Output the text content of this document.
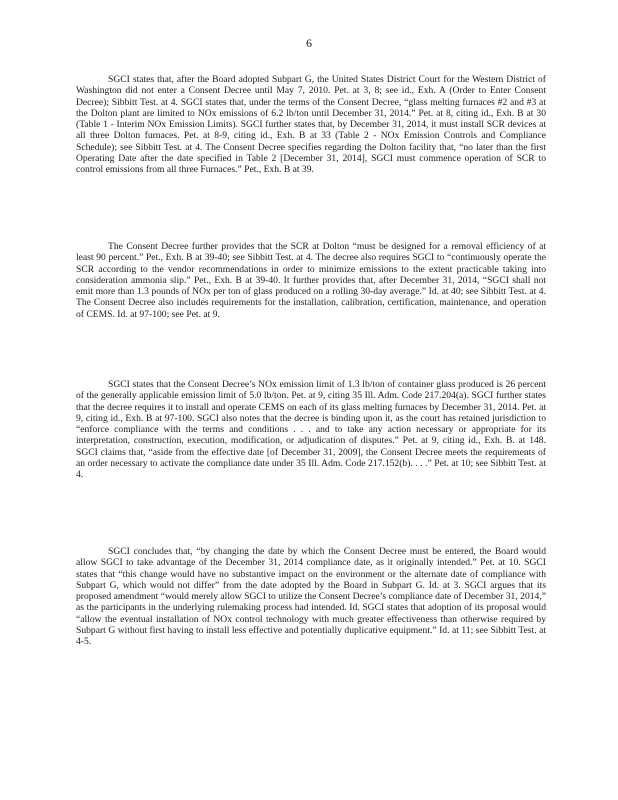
6

SGCI states that, after the Board adopted Subpart G, the United States District Court for the Western District of Washington did not enter a Consent Decree until May 7, 2010. Pet. at 3, 8; see id., Exh. A (Order to Enter Consent Decree); Sibbitt Test. at 4. SGCI states that, under the terms of the Consent Decree, “glass melting furnaces #2 and #3 at the Dolton plant are limited to NOx emissions of 6.2 lb/ton until December 31, 2014.” Pet. at 8, citing id., Exh. B at 30 (Table 1 - Interim NOx Emission Limits). SGCI further states that, by December 31, 2014, it must install SCR devices at all three Dolton furnaces. Pet. at 8-9, citing id., Exh. B at 33 (Table 2 - NOx Emission Controls and Compliance Schedule); see Sibbitt Test. at 4. The Consent Decree specifies regarding the Dolton facility that, “no later than the first Operating Date after the date specified in Table 2 [December 31, 2014], SGCI must commence operation of SCR to control emissions from all three Furnaces.” Pet., Exh. B at 39.

The Consent Decree further provides that the SCR at Dolton “must be designed for a removal efficiency of at least 90 percent.” Pet., Exh. B at 39-40; see Sibbitt Test. at 4. The decree also requires SGCI to “continuously operate the SCR according to the vendor recommendations in order to minimize emissions to the extent practicable taking into consideration ammonia slip.” Pet., Exh. B at 39-40. It further provides that, after December 31, 2014, “SGCI shall not emit more than 1.3 pounds of NOx per ton of glass produced on a rolling 30-day average.” Id. at 40; see Sibbitt Test. at 4. The Consent Decree also includes requirements for the installation, calibration, certification, maintenance, and operation of CEMS. Id. at 97-100; see Pet. at 9.

SGCI states that the Consent Decree’s NOx emission limit of 1.3 lb/ton of container glass produced is 26 percent of the generally applicable emission limit of 5.0 lb/ton. Pet. at 9, citing 35 Ill. Adm. Code 217.204(a). SGCI further states that the decree requires it to install and operate CEMS on each of its glass melting furnaces by December 31, 2014. Pet. at 9, citing id., Exh. B at 97-100. SGCI also notes that the decree is binding upon it, as the court has retained jurisdiction to “enforce compliance with the terms and conditions . . . and to take any action necessary or appropriate for its interpretation, construction, execution, modification, or adjudication of disputes.” Pet. at 9, citing id., Exh. B. at 148. SGCI claims that, “aside from the effective date [of December 31, 2009], the Consent Decree meets the requirements of an order necessary to activate the compliance date under 35 Ill. Adm. Code 217.152(b). . . .” Pet. at 10; see Sibbitt Test. at 4.

SGCI concludes that, “by changing the date by which the Consent Decree must be entered, the Board would allow SGCI to take advantage of the December 31, 2014 compliance date, as it originally intended.” Pet. at 10. SGCI states that “this change would have no substantive impact on the environment or the alternate date of compliance with Subpart G, which would not differ” from the date adopted by the Board in Subpart G. Id. at 3. SGCI argues that its proposed amendment “would merely allow SGCI to utilize the Consent Decree’s compliance date of December 31, 2014,” as the participants in the underlying rulemaking process had intended. Id. SGCI states that adoption of its proposal would “allow the eventual installation of NOx control technology with much greater effectiveness than otherwise required by Subpart G without first having to install less effective and potentially duplicative equipment.” Id. at 11; see Sibbitt Test. at 4-5.
